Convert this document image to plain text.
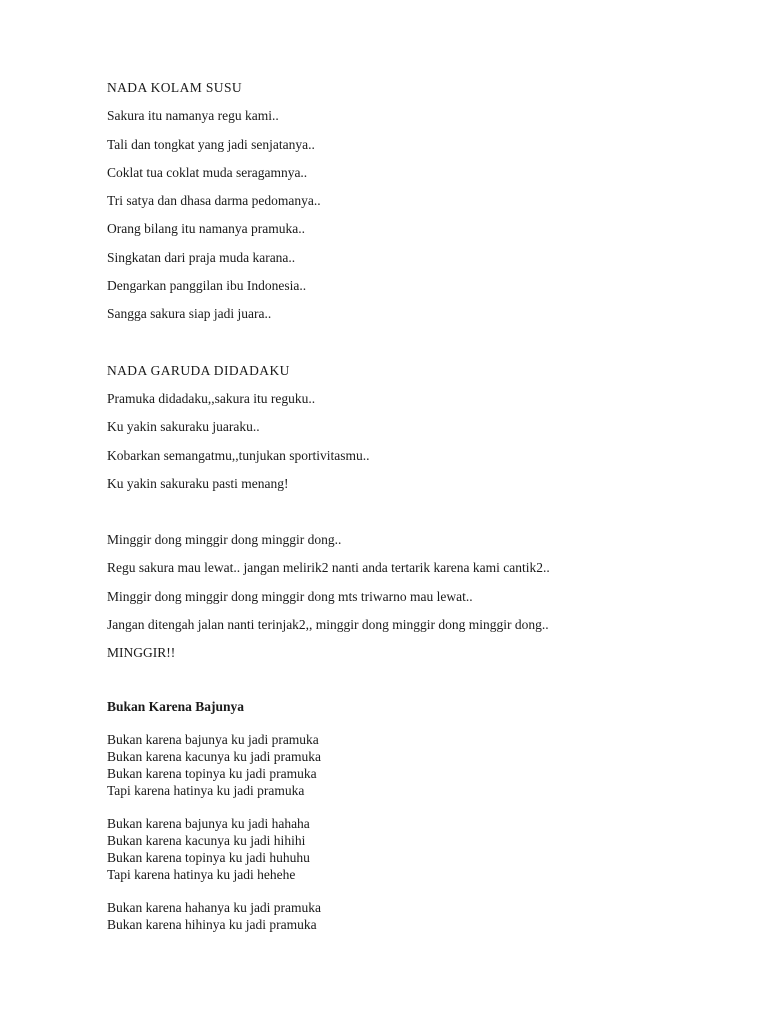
NADA KOLAM SUSU
Sakura itu namanya regu kami..
Tali dan tongkat yang jadi senjatanya..
Coklat tua coklat muda seragamnya..
Tri satya dan dhasa darma pedomanya..
Orang bilang itu namanya pramuka..
Singkatan dari praja muda karana..
Dengarkan panggilan ibu Indonesia..
Sangga sakura siap jadi juara..
NADA GARUDA DIDADAKU
Pramuka didadaku,,sakura itu reguku..
Ku yakin sakuraku juaraku..
Kobarkan semangatmu,,tunjukan sportivitasmu..
Ku yakin sakuraku pasti menang!
Minggir dong minggir dong minggir dong..
Regu sakura mau lewat.. jangan melirik2 nanti anda tertarik karena kami cantik2..
Minggir dong minggir dong minggir dong mts triwarno mau lewat..
Jangan ditengah jalan nanti terinjak2,, minggir dong minggir dong minggir dong..
MINGGIR!!
Bukan Karena Bajunya
Bukan karena bajunya ku jadi pramuka
Bukan karena kacunya ku jadi pramuka
Bukan karena topinya ku jadi pramuka
Tapi karena hatinya ku jadi pramuka
Bukan karena bajunya ku jadi hahaha
Bukan karena kacunya ku jadi hihihi
Bukan karena topinya ku jadi huhuhu
Tapi karena hatinya ku jadi hehehe
Bukan karena hahanya ku jadi pramuka
Bukan karena hihinya ku jadi pramuka
